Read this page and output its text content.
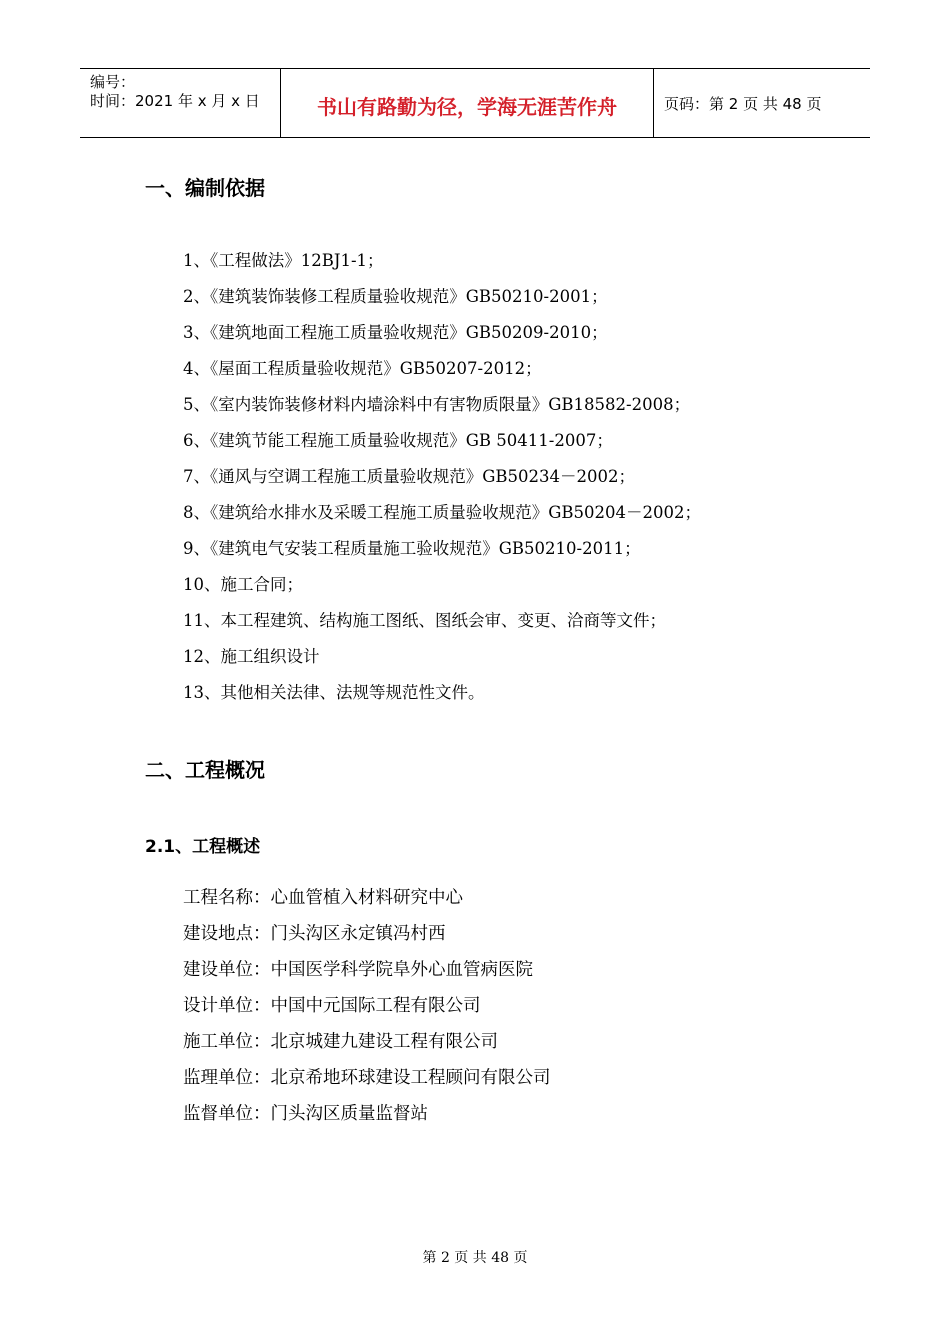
编号：
时间：2021 年 x 月 x 日	书山有路勤为径，学海无涯苦作舟	页码：第 2 页 共 48 页
一、编制依据
1、《工程做法》12BJ1-1；
2、《建筑装饰装修工程质量验收规范》GB50210-2001；
3、《建筑地面工程施工质量验收规范》GB50209-2010；
4、《屋面工程质量验收规范》GB50207-2012；
5、《室内装饰装修材料内墙涂料中有害物质限量》GB18582-2008；
6、《建筑节能工程施工质量验收规范》GB 50411-2007；
7、《通风与空调工程施工质量验收规范》GB50234－2002；
8、《建筑给水排水及采暖工程施工质量验收规范》GB50204－2002；
9、《建筑电气安装工程质量施工验收规范》GB50210-2011；
10、施工合同；
11、本工程建筑、结构施工图纸、图纸会审、变更、洽商等文件；
12、施工组织设计
13、其他相关法律、法规等规范性文件。
二、工程概况
2.1、工程概述
工程名称：心血管植入材料研究中心
建设地点：门头沟区永定镇冯村西
建设单位：中国医学科学院阜外心血管病医院
设计单位：中国中元国际工程有限公司
施工单位：北京城建九建设工程有限公司
监理单位：北京希地环球建设工程顾问有限公司
监督单位：门头沟区质量监督站
第 2 页 共 48 页
